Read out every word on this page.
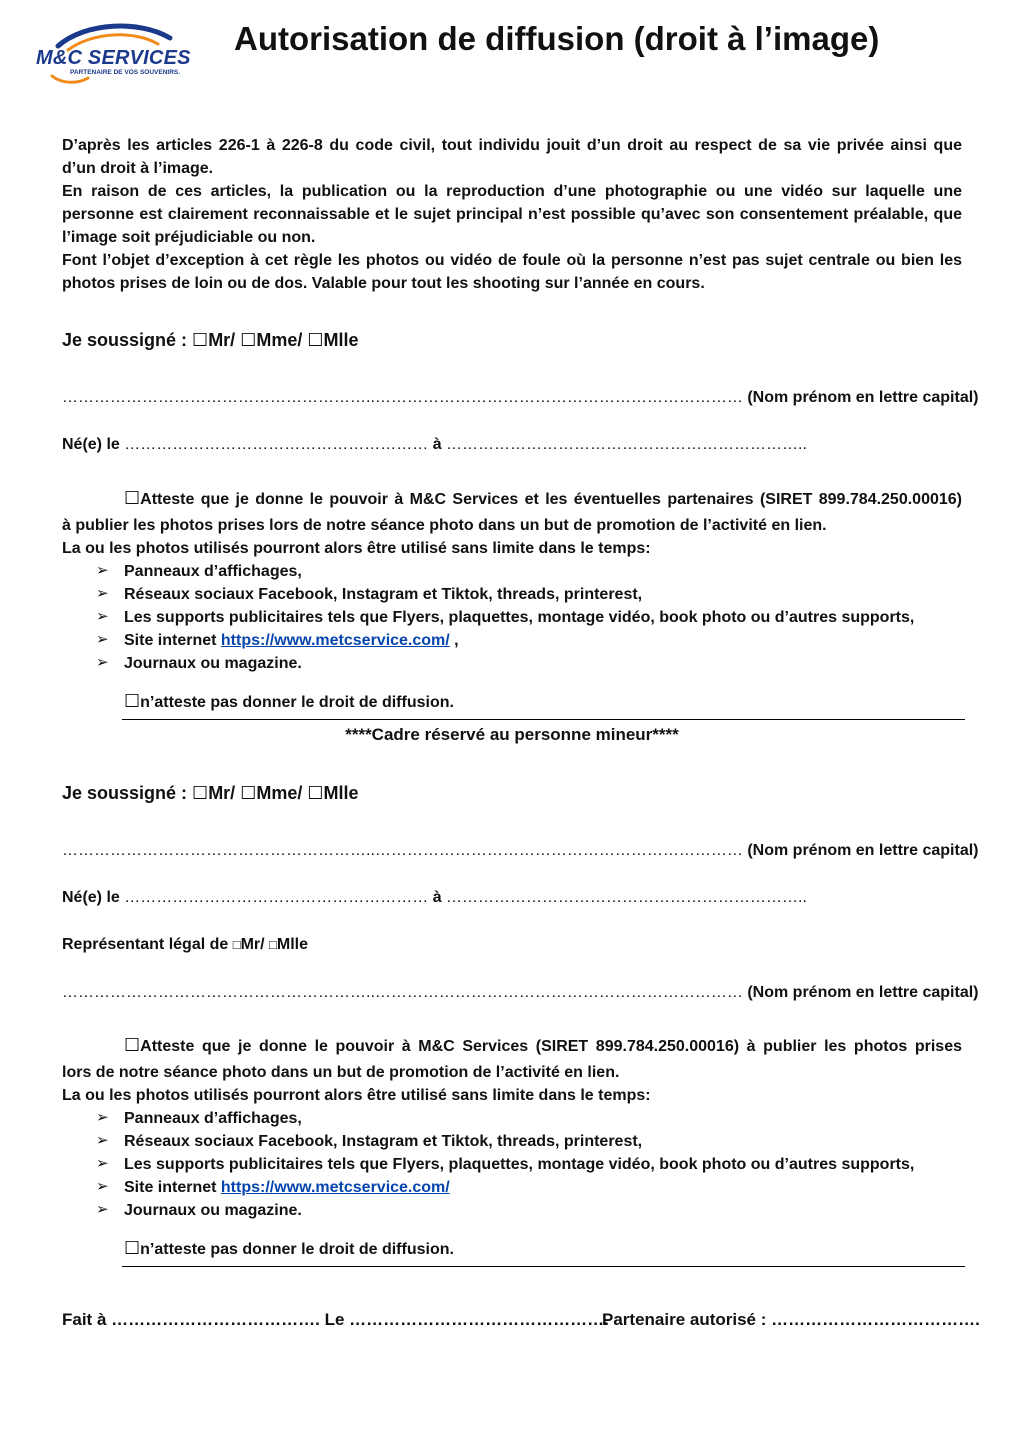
M&C SERVICES
PARTENAIRE DE VOS SOUVENIRS.
Autorisation de diffusion (droit à l’image)
D’après les articles 226-1 à 226-8 du code civil, tout individu jouit d’un droit au respect de sa vie privée ainsi que
d’un droit à l’image.
En raison de ces articles, la publication ou la reproduction d’une photographie ou une vidéo sur laquelle une
personne est clairement reconnaissable et le sujet principal n’est possible qu’avec son consentement préalable, que
l’image soit préjudiciable ou non.
Font l’objet d’exception à cet règle les photos ou vidéo de foule où la personne n’est pas sujet centrale ou bien les
photos prises de loin ou de dos. Valable pour tout les shooting sur l’année en cours.
Je soussigné : ☐Mr/ ☐Mme/ ☐Mlle
…………………………………………………..…………………………………………………………… (Nom prénom en lettre capital)
Né(e) le ………………………………………………… à …………………………………………………………..
☐Atteste que je donne le pouvoir à M&C Services et les éventuelles partenaires (SIRET 899.784.250.00016)
à publier les photos prises lors de notre séance photo dans un but de promotion de l’activité en lien.
La ou les photos utilisés pourront alors être utilisé sans limite dans le temps:
➢ Panneaux d’affichages,
➢ Réseaux sociaux Facebook, Instagram et Tiktok, threads, printerest,
➢ Les supports publicitaires tels que Flyers, plaquettes, montage vidéo, book photo ou d’autres supports,
➢ Site internet https://www.metcservice.com/ ,
➢ Journaux ou magazine.
☐n’atteste pas donner le droit de diffusion.
****Cadre réservé au personne mineur****
Je soussigné : ☐Mr/ ☐Mme/ ☐Mlle
…………………………………………………..…………………………………………………………… (Nom prénom en lettre capital)
Né(e) le ………………………………………………… à …………………………………………………………..
Représentant légal de □Mr/ □Mlle
…………………………………………………..…………………………………………………………… (Nom prénom en lettre capital)
☐Atteste que je donne le pouvoir à M&C Services (SIRET 899.784.250.00016) à publier les photos prises
lors de notre séance photo dans un but de promotion de l’activité en lien.
La ou les photos utilisés pourront alors être utilisé sans limite dans le temps:
➢ Panneaux d’affichages,
➢ Réseaux sociaux Facebook, Instagram et Tiktok, threads, printerest,
➢ Les supports publicitaires tels que Flyers, plaquettes, montage vidéo, book photo ou d’autres supports,
➢ Site internet https://www.metcservice.com/
➢ Journaux ou magazine.
☐n’atteste pas donner le droit de diffusion.
Fait à ………………………………. Le ……………………………………….
Partenaire autorisé : ……………………………….
